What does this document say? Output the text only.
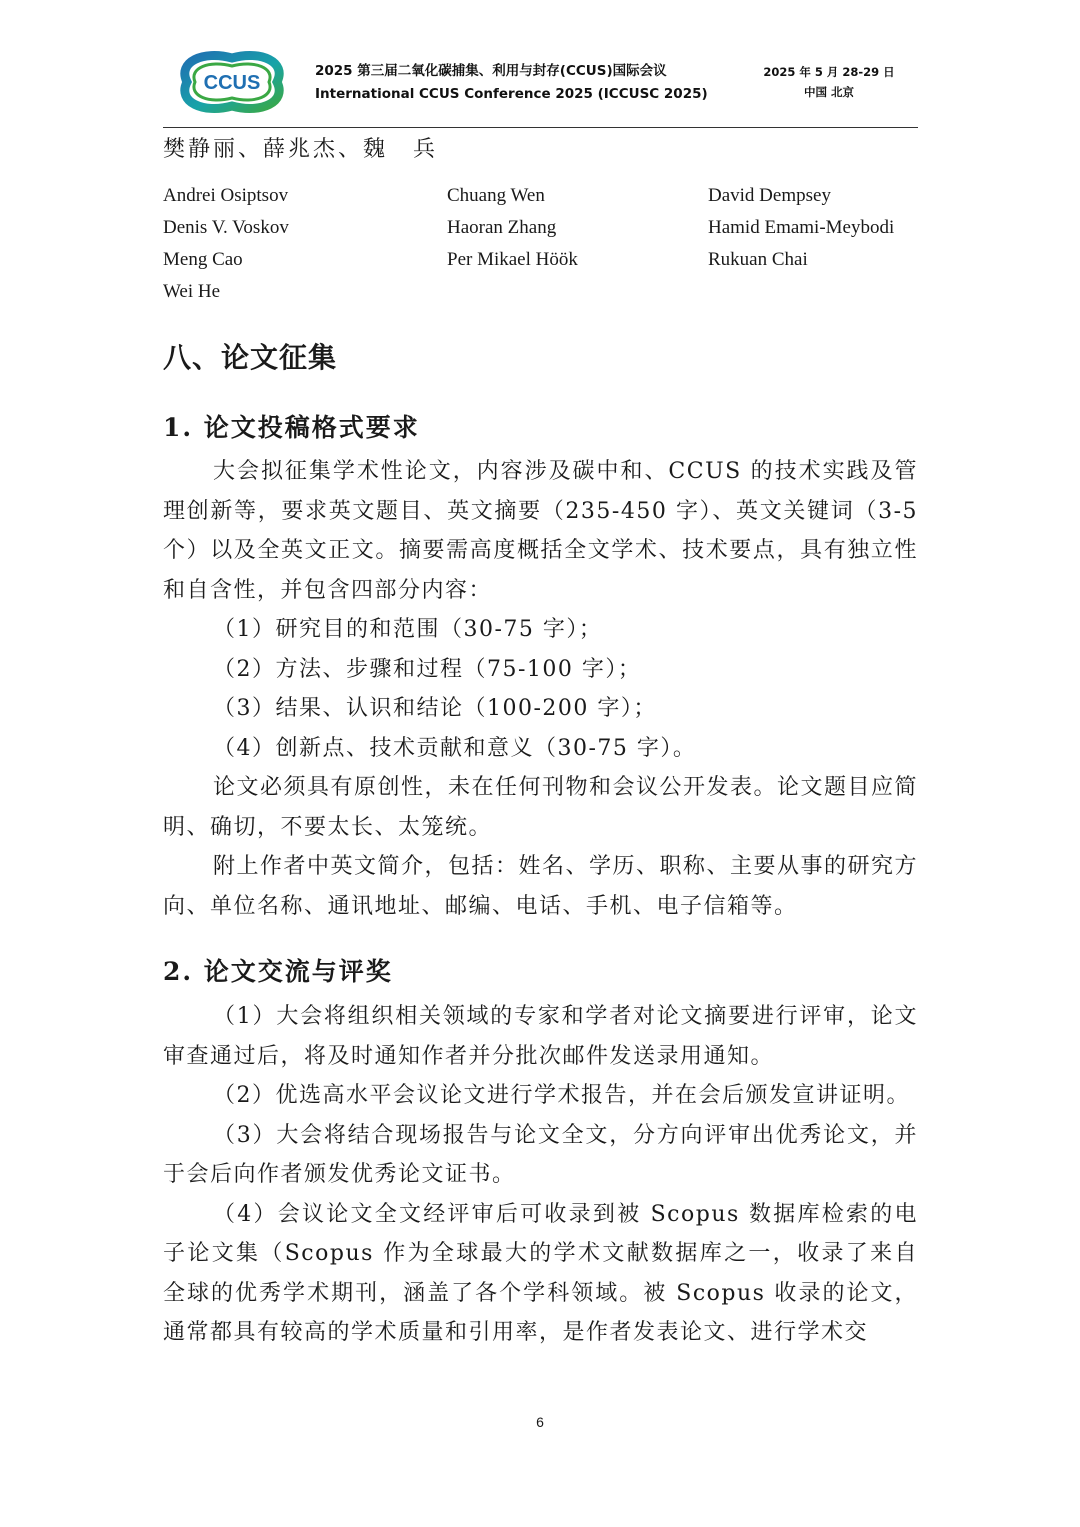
CCUS
2025 第三届二氧化碳捕集、利用与封存(CCUS)国际会议
International CCUS Conference 2025 (ICCUSC 2025)
2025 年 5 月 28-29 日
中国 北京
樊静丽、薛兆杰、魏　兵
Andrei Osiptsov	Chuang Wen	David Dempsey
Denis V. Voskov	Haoran Zhang	Hamid Emami-Meybodi
Meng Cao	Per Mikael Höök	Rukuan Chai
Wei He
八、论文征集
1. 论文投稿格式要求

大会拟征集学术性论文，内容涉及碳中和、CCUS 的技术实践及管理创新等，要求英文题目、英文摘要（235-450 字）、英文关键词（3-5 个）以及全英文正文。摘要需高度概括全文学术、技术要点，具有独立性和自含性，并包含四部分内容：

（1）研究目的和范围（30-75 字）；

（2）方法、步骤和过程（75-100 字）；

（3）结果、认识和结论（100-200 字）；

（4）创新点、技术贡献和意义（30-75 字）。

论文必须具有原创性，未在任何刊物和会议公开发表。论文题目应简明、确切，不要太长、太笼统。

附上作者中英文简介，包括：姓名、学历、职称、主要从事的研究方向、单位名称、通讯地址、邮编、电话、手机、电子信箱等。

2. 论文交流与评奖

（1）大会将组织相关领域的专家和学者对论文摘要进行评审，论文审查通过后，将及时通知作者并分批次邮件发送录用通知。

（2）优选高水平会议论文进行学术报告，并在会后颁发宣讲证明。

（3）大会将结合现场报告与论文全文，分方向评审出优秀论文，并于会后向作者颁发优秀论文证书。

（4）会议论文全文经评审后可收录到被 Scopus 数据库检索的电子论文集（Scopus 作为全球最大的学术文献数据库之一，收录了来自全球的优秀学术期刊，涵盖了各个学科领域。被 Scopus 收录的论文，通常都具有较高的学术质量和引用率，是作者发表论文、进行学术交

6
